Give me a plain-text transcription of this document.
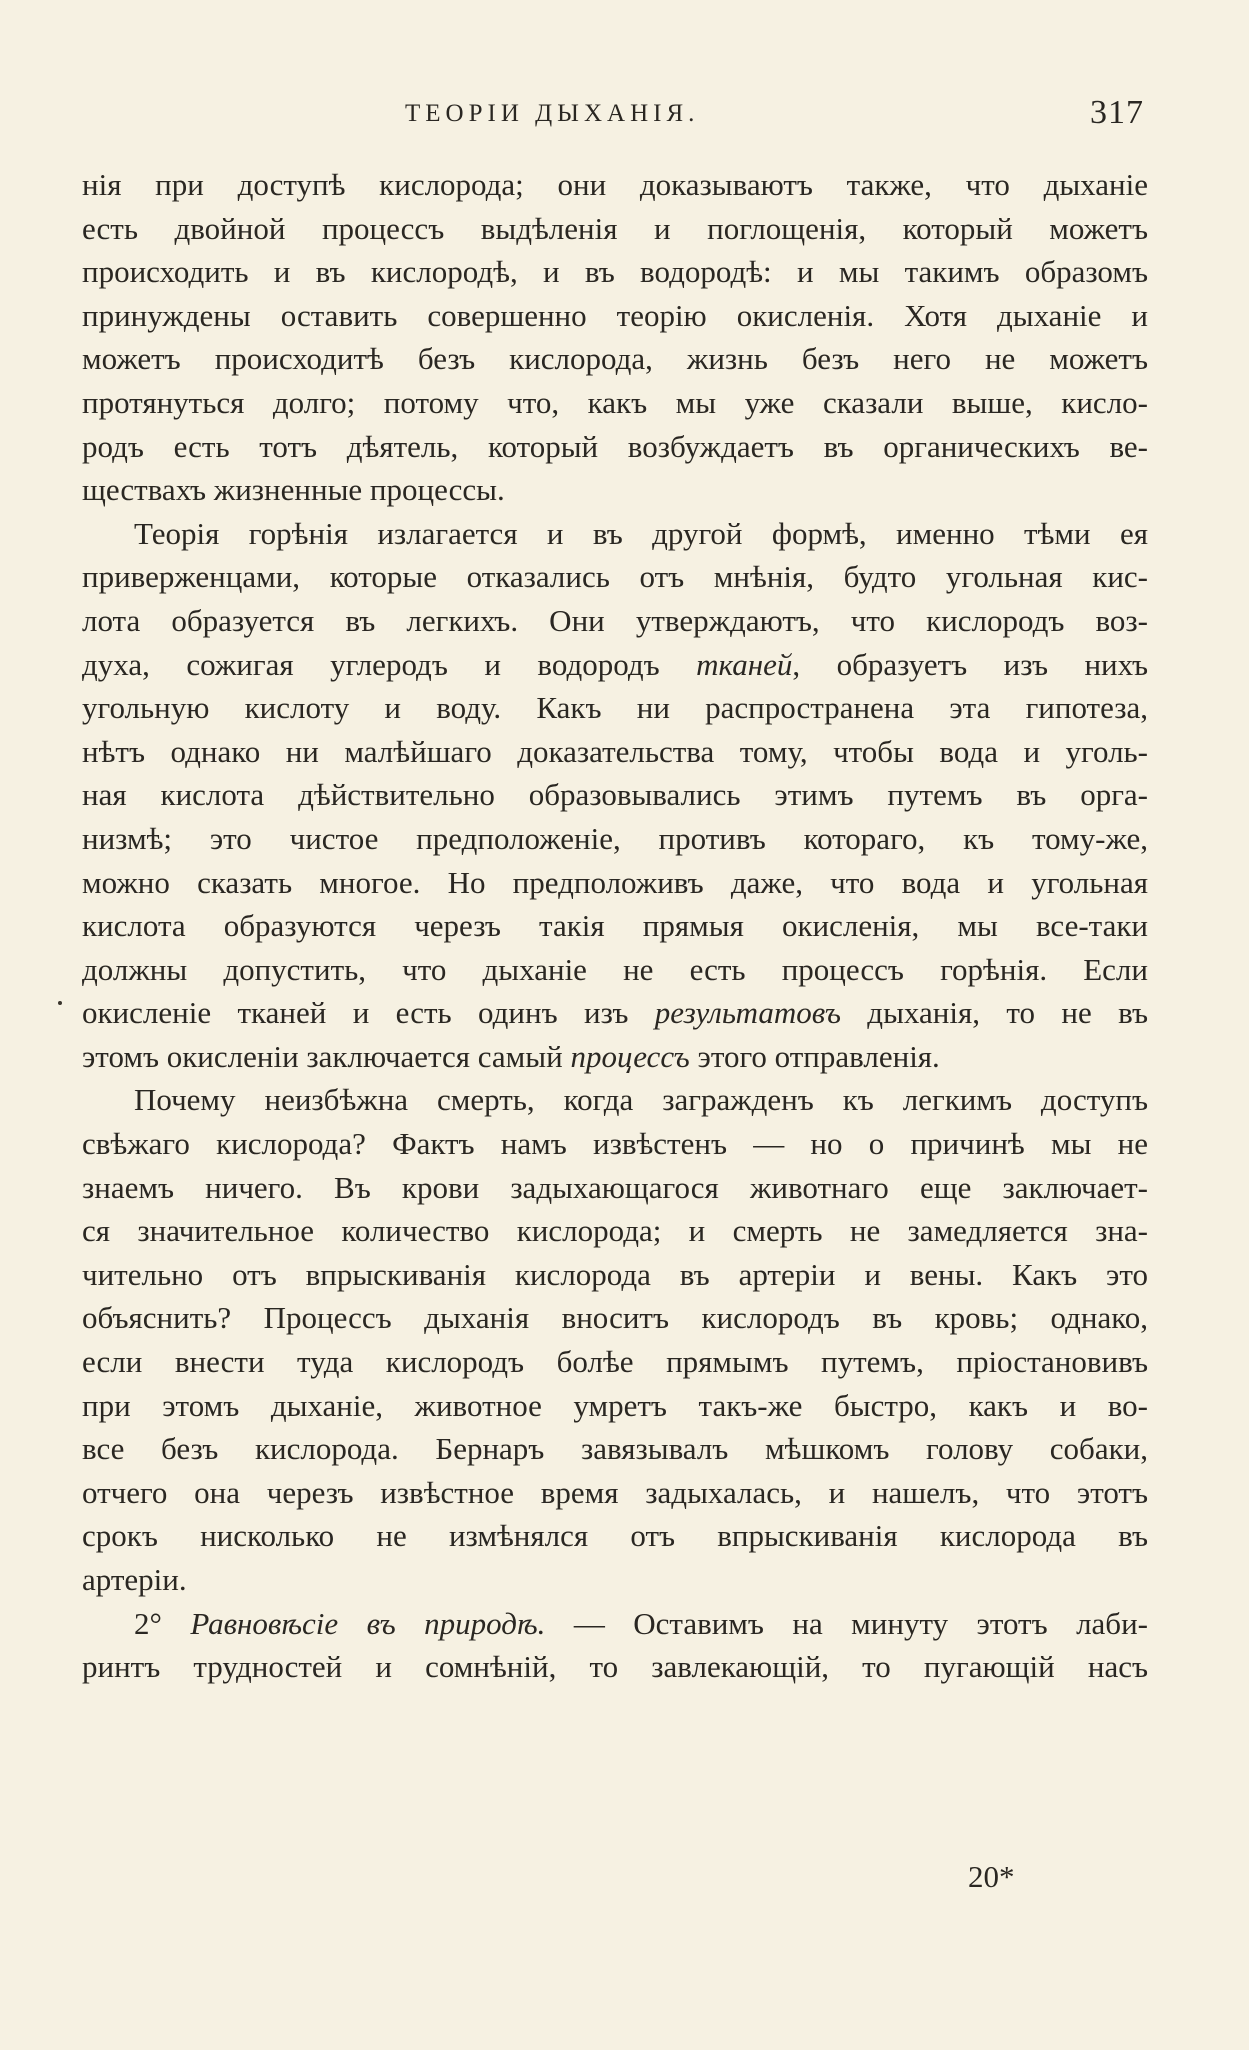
ТЕОРІИ ДЫХАНІЯ.	317
нія при доступѣ кислорода; они доказываютъ также, что дыханіе
есть двойной процессъ выдѣленія и поглощенія, который можетъ
происходить и въ кислородѣ, и въ водородѣ: и мы такимъ образомъ
принуждены оставить совершенно теорію окисленія. Хотя дыханіе и
можетъ происходитѣ безъ кислорода, жизнь безъ него не можетъ
протянуться долго; потому что, какъ мы уже сказали выше, кисло-
родъ есть тотъ дѣятель, который возбуждаетъ въ органическихъ ве-
ществахъ жизненные процессы.
Теорія горѣнія излагается и въ другой формѣ, именно тѣми ея
приверженцами, которые отказались отъ мнѣнія, будто угольная кис-
лота образуется въ легкихъ. Они утверждаютъ, что кислородъ воз-
духа, сожигая углеродъ и водородъ тканей, образуетъ изъ нихъ
угольную кислоту и воду. Какъ ни распространена эта гипотеза,
нѣтъ однако ни малѣйшаго доказательства тому, чтобы вода и уголь-
ная кислота дѣйствительно образовывались этимъ путемъ въ орга-
низмѣ; это чистое предположеніе, противъ котораго, къ тому-же,
можно сказать многое. Но предположивъ даже, что вода и угольная
кислота образуются черезъ такія прямыя окисленія, мы все-таки
должны допустить, что дыханіе не есть процессъ горѣнія. Если
окисленіе тканей и есть одинъ изъ результатовъ дыханія, то не въ
этомъ окисленіи заключается самый процессъ этого отправленія.
Почему неизбѣжна смерть, когда загражденъ къ легкимъ доступъ
свѣжаго кислорода? Фактъ намъ извѣстенъ — но о причинѣ мы не
знаемъ ничего. Въ крови задыхающагося животнаго еще заключает-
ся значительное количество кислорода; и смерть не замедляется зна-
чительно отъ впрыскиванія кислорода въ артеріи и вены. Какъ это
объяснить? Процессъ дыханія вноситъ кислородъ въ кровь; однако,
если внести туда кислородъ болѣе прямымъ путемъ, пріостановивъ
при этомъ дыханіе, животное умретъ такъ-же быстро, какъ и во-
все безъ кислорода. Бернаръ завязывалъ мѣшкомъ голову собаки,
отчего она черезъ извѣстное время задыхалась, и нашелъ, что этотъ
срокъ нисколько не измѣнялся отъ впрыскиванія кислорода въ
артеріи.
2° Равновѣсіе въ природѣ. — Оставимъ на минуту этотъ лаби-
ринтъ трудностей и сомнѣній, то завлекающій, то пугающій насъ
20*
